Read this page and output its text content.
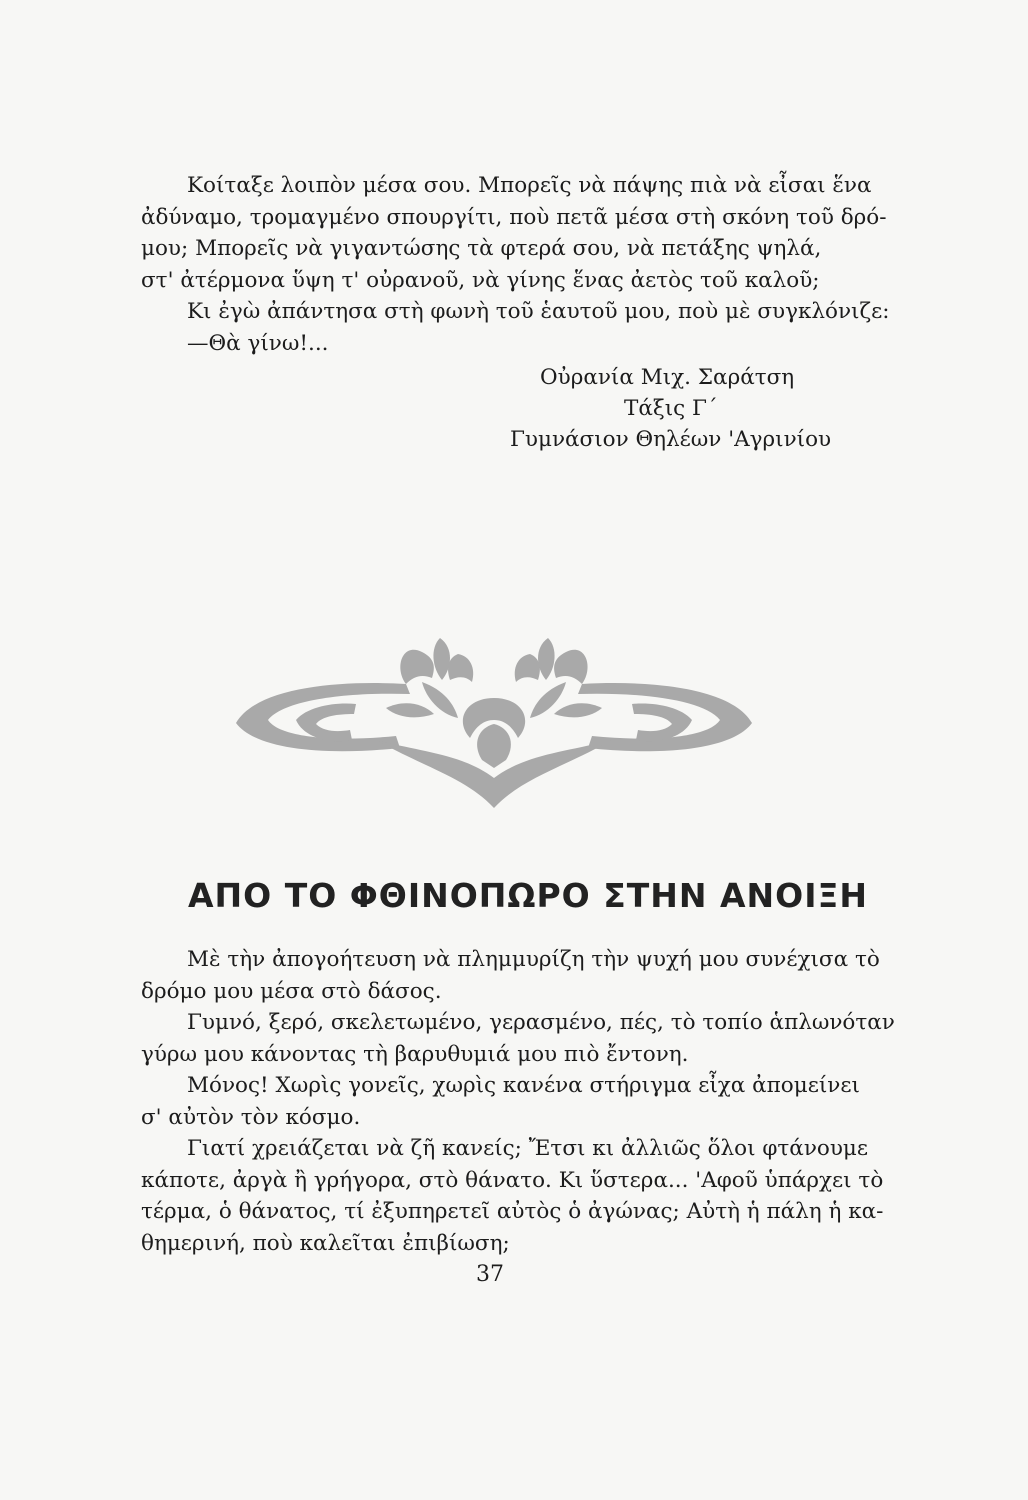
Κοίταξε λοιπὸν μέσα σου. Μπορεῖς νὰ πάψης πιὰ νὰ εἶσαι ἕνα
ἀδύναμο, τρομαγμένο σπουργίτι, ποὺ πετᾶ μέσα στὴ σκόνη τοῦ δρό-
μου; Μπορεῖς νὰ γιγαντώσης τὰ φτερά σου, νὰ πετάξης ψηλά,
στ' ἀτέρμονα ὕψη τ' οὐρανοῦ, νὰ γίνης ἕνας ἀετὸς τοῦ καλοῦ;
Κι ἐγὼ ἀπάντησα στὴ φωνὴ τοῦ ἑαυτοῦ μου, ποὺ μὲ συγκλόνιζε:
—Θὰ γίνω!...

Οὐρανία Μιχ. Σαράτση
Τάξις Γ΄
Γυμνάσιον Θηλέων 'Αγρινίου
ΑΠΟ ΤΟ ΦΘΙΝΟΠΩΡΟ ΣΤΗΝ ΑΝΟΙΞΗ

Μὲ τὴν ἀπογοήτευση νὰ πλημμυρίζη τὴν ψυχή μου συνέχισα τὸ
δρόμο μου μέσα στὸ δάσος.

Γυμνό, ξερό, σκελετωμένο, γερασμένο, πές, τὸ τοπίο ἁπλωνόταν
γύρω μου κάνοντας τὴ βαρυθυμιά μου πιὸ ἔντονη.

Μόνος! Χωρὶς γονεῖς, χωρὶς κανένα στήριγμα εἶχα ἀπομείνει
σ' αὐτὸν τὸν κόσμο.

Γιατί χρειάζεται νὰ ζῆ κανείς; Ἔτσι κι ἀλλιῶς ὅλοι φτάνουμε
κάποτε, ἀργὰ ἢ γρήγορα, στὸ θάνατο. Κι ὕστερα... 'Αφοῦ ὑπάρχει τὸ
τέρμα, ὁ θάνατος, τί ἐξυπηρετεῖ αὐτὸς ὁ ἀγώνας; Αὐτὴ ἡ πάλη ἡ κα-
θημερινή, ποὺ καλεῖται ἐπιβίωση;

37
